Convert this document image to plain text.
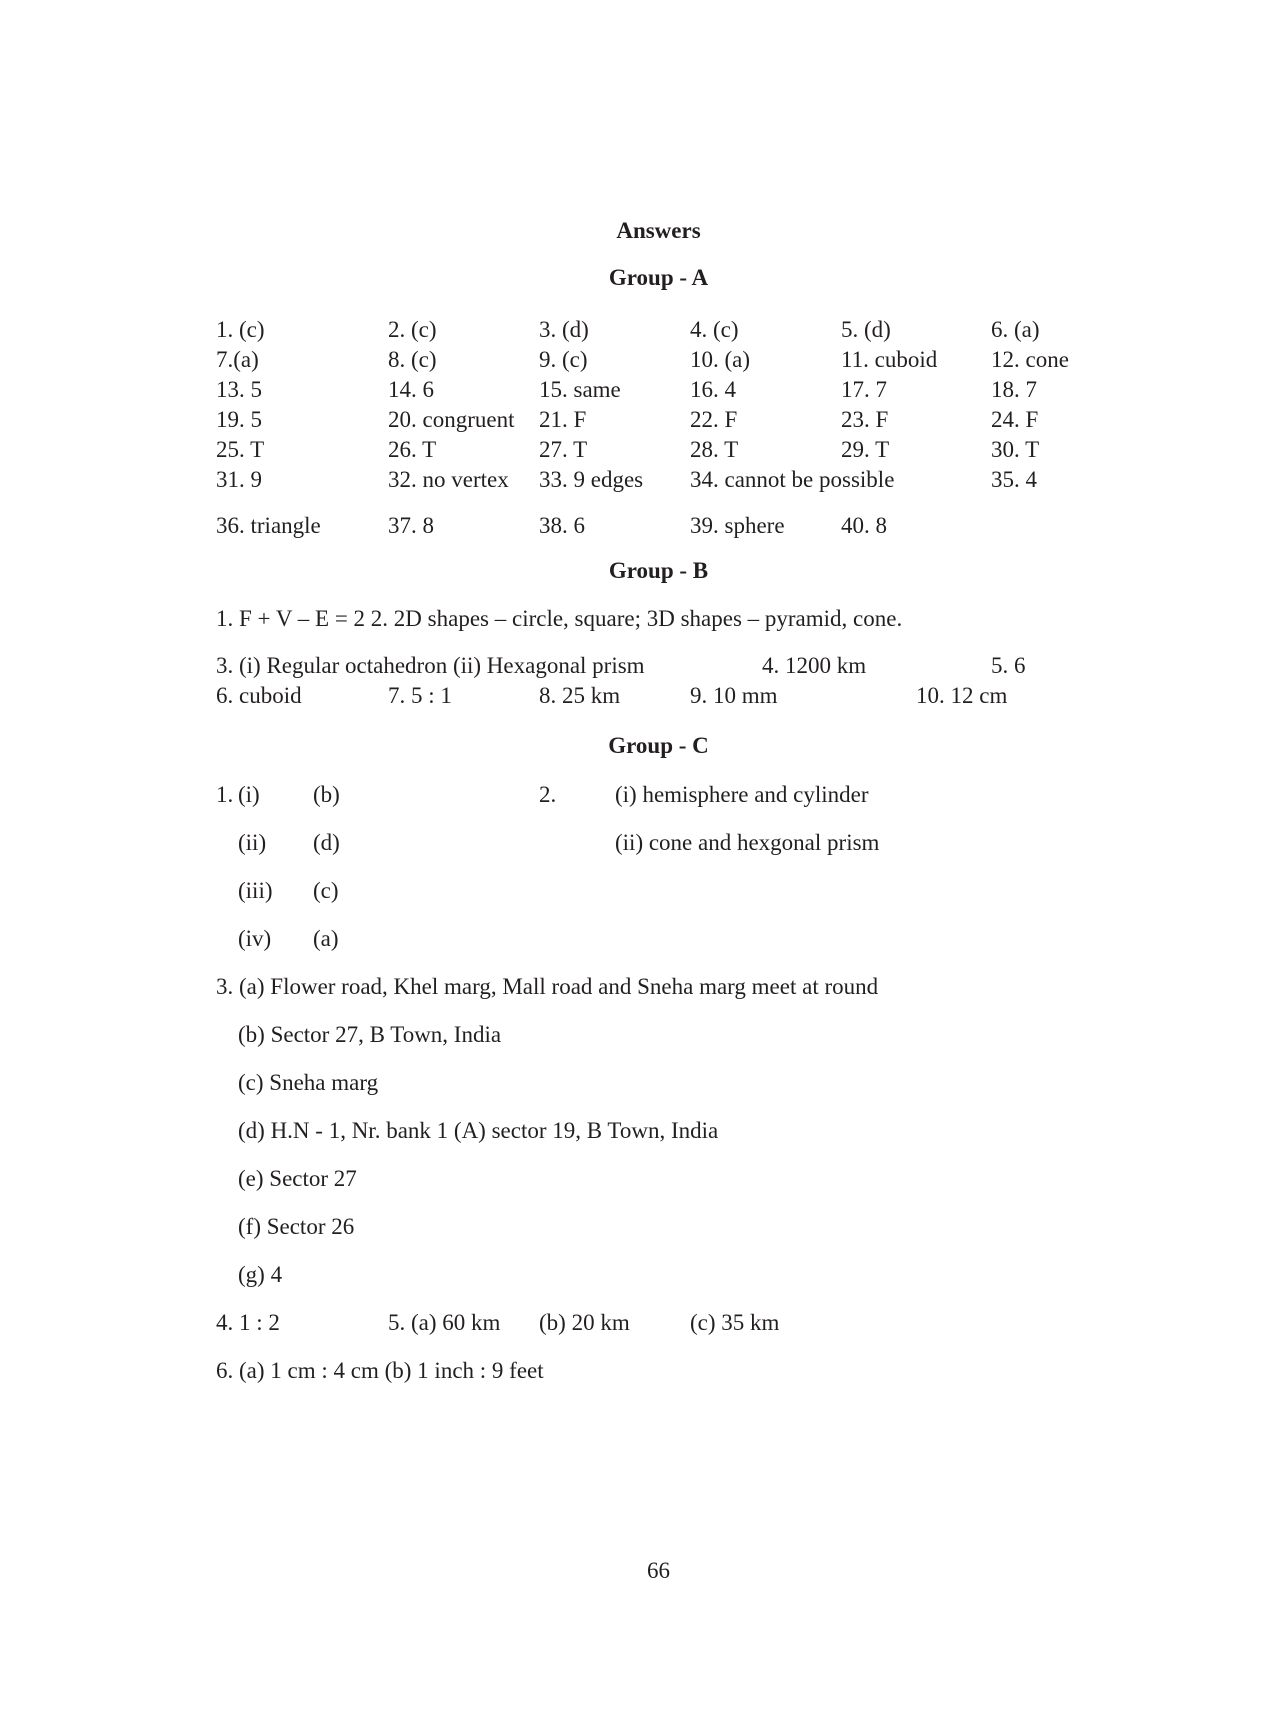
Answers
Group - A
1. (c)	2. (c)	3. (d)	4. (c)	5. (d)	6. (a)
7.(a)	8. (c)	9. (c)	10. (a)	11. cuboid 12. cone
13. 5	14. 6	15. same	16. 4	17. 7	18. 7
19. 5	20. congruent 21. F	22. F	23. F	24. F
25. T	26. T	27. T	28. T	29. T	30. T
31. 9	32. no vertex 33. 9 edges 34. cannot be possible	35. 4
36. triangle	37. 8	38. 6	39. sphere 40. 8
Group - B
1. F + V – E = 2 2. 2D shapes – circle, square; 3D shapes – pyramid, cone.
3. (i) Regular octahedron (ii) Hexagonal prism	4. 1200 km	5. 6
6. cuboid	7. 5 : 1	8. 25 km	9. 10 mm	10. 12 cm
Group - C
1. (i) (b)
(ii) (d)
(iii) (c)
(iv) (a)
2.	(i) hemisphere and cylinder
(ii) cone and hexgonal prism
3. (a) Flower road, Khel marg, Mall road and Sneha marg meet at round
(b) Sector 27, B Town, India
(c) Sneha marg
(d) H.N - 1, Nr. bank 1 (A) sector 19, B Town, India
(e) Sector 27
(f) Sector 26
(g) 4
4. 1 : 2	5. (a) 60 km (b) 20 km	(c) 35 km
6. (a) 1 cm : 4 cm (b) 1 inch : 9 feet
66
